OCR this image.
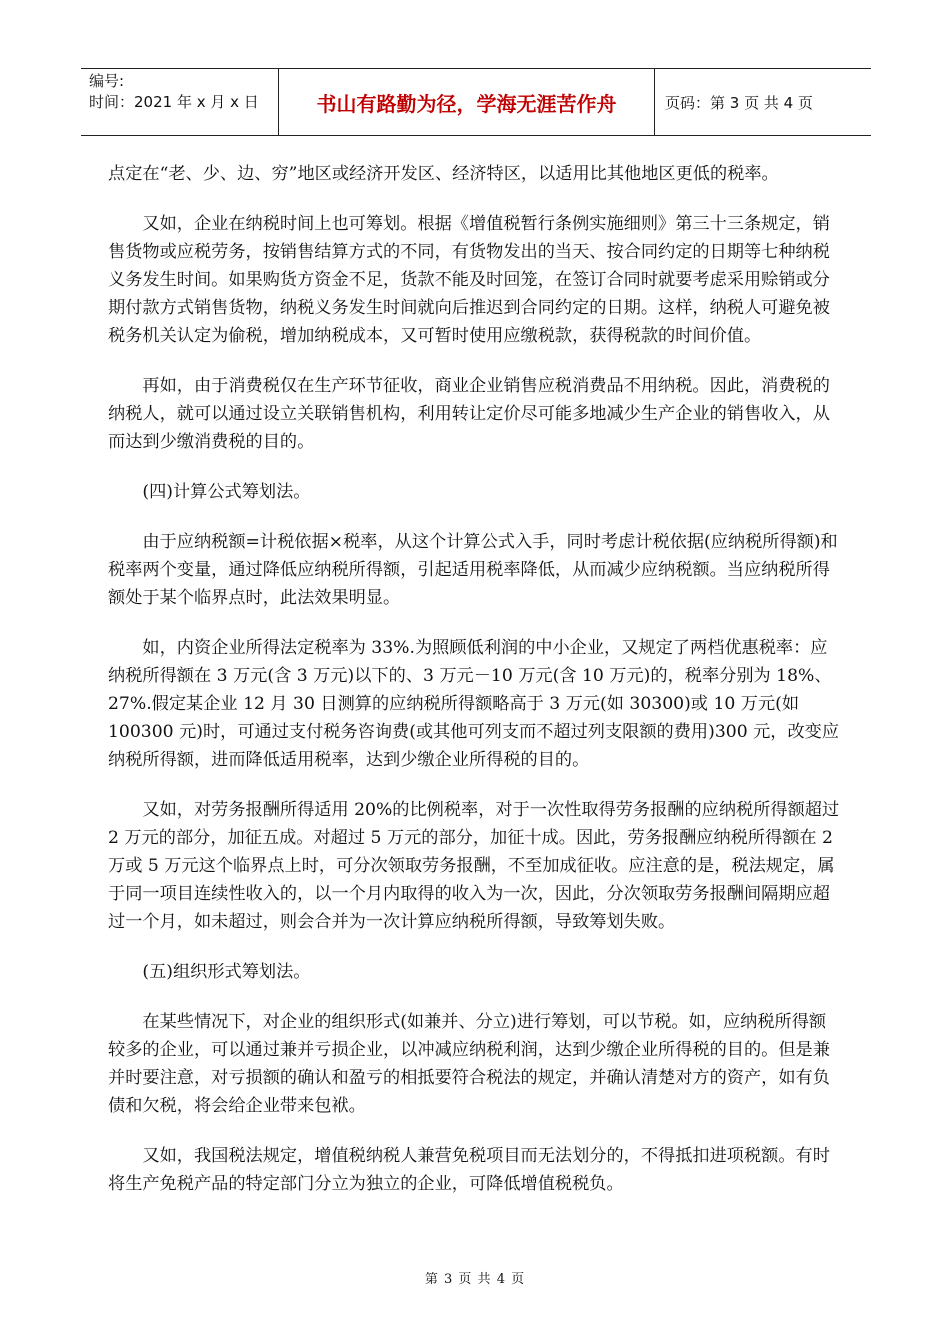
编号:
时间：2021 年 x 月 x 日	书山有路勤为径，学海无涯苦作舟	页码：第 3 页 共 4 页

点定在“老、少、边、穷”地区或经济开发区、经济特区，以适用比其他地区更低的税率。

又如，企业在纳税时间上也可筹划。根据《增值税暂行条例实施细则》第三十三条规定，销售货物或应税劳务，按销售结算方式的不同，有货物发出的当天、按合同约定的日期等七种纳税义务发生时间。如果购货方资金不足，货款不能及时回笼，在签订合同时就要考虑采用赊销或分期付款方式销售货物，纳税义务发生时间就向后推迟到合同约定的日期。这样，纳税人可避免被税务机关认定为偷税，增加纳税成本，又可暂时使用应缴税款，获得税款的时间价值。

再如，由于消费税仅在生产环节征收，商业企业销售应税消费品不用纳税。因此，消费税的纳税人，就可以通过设立关联销售机构，利用转让定价尽可能多地减少生产企业的销售收入，从而达到少缴消费税的目的。

(四)计算公式筹划法。

由于应纳税额=计税依据×税率，从这个计算公式入手，同时考虑计税依据(应纳税所得额)和税率两个变量，通过降低应纳税所得额，引起适用税率降低，从而减少应纳税额。当应纳税所得额处于某个临界点时，此法效果明显。

如，内资企业所得法定税率为 33%.为照顾低利润的中小企业，又规定了两档优惠税率：应纳税所得额在 3 万元(含 3 万元)以下的、3 万元－10 万元(含 10 万元)的，税率分别为 18%、27%.假定某企业 12 月 30 日测算的应纳税所得额略高于 3 万元(如 30300)或 10 万元(如 100300 元)时，可通过支付税务咨询费(或其他可列支而不超过列支限额的费用)300 元，改变应纳税所得额，进而降低适用税率，达到少缴企业所得税的目的。

又如，对劳务报酬所得适用 20%的比例税率，对于一次性取得劳务报酬的应纳税所得额超过 2 万元的部分，加征五成。对超过 5 万元的部分，加征十成。因此，劳务报酬应纳税所得额在 2 万或 5 万元这个临界点上时，可分次领取劳务报酬，不至加成征收。应注意的是，税法规定，属于同一项目连续性收入的，以一个月内取得的收入为一次，因此，分次领取劳务报酬间隔期应超过一个月，如未超过，则会合并为一次计算应纳税所得额，导致筹划失败。

(五)组织形式筹划法。

在某些情况下，对企业的组织形式(如兼并、分立)进行筹划，可以节税。如，应纳税所得额较多的企业，可以通过兼并亏损企业，以冲减应纳税利润，达到少缴企业所得税的目的。但是兼并时要注意，对亏损额的确认和盈亏的相抵要符合税法的规定，并确认清楚对方的资产，如有负债和欠税，将会给企业带来包袱。

又如，我国税法规定，增值税纳税人兼营免税项目而无法划分的，不得抵扣进项税额。有时将生产免税产品的特定部门分立为独立的企业，可降低增值税税负。

第 3 页 共 4 页
